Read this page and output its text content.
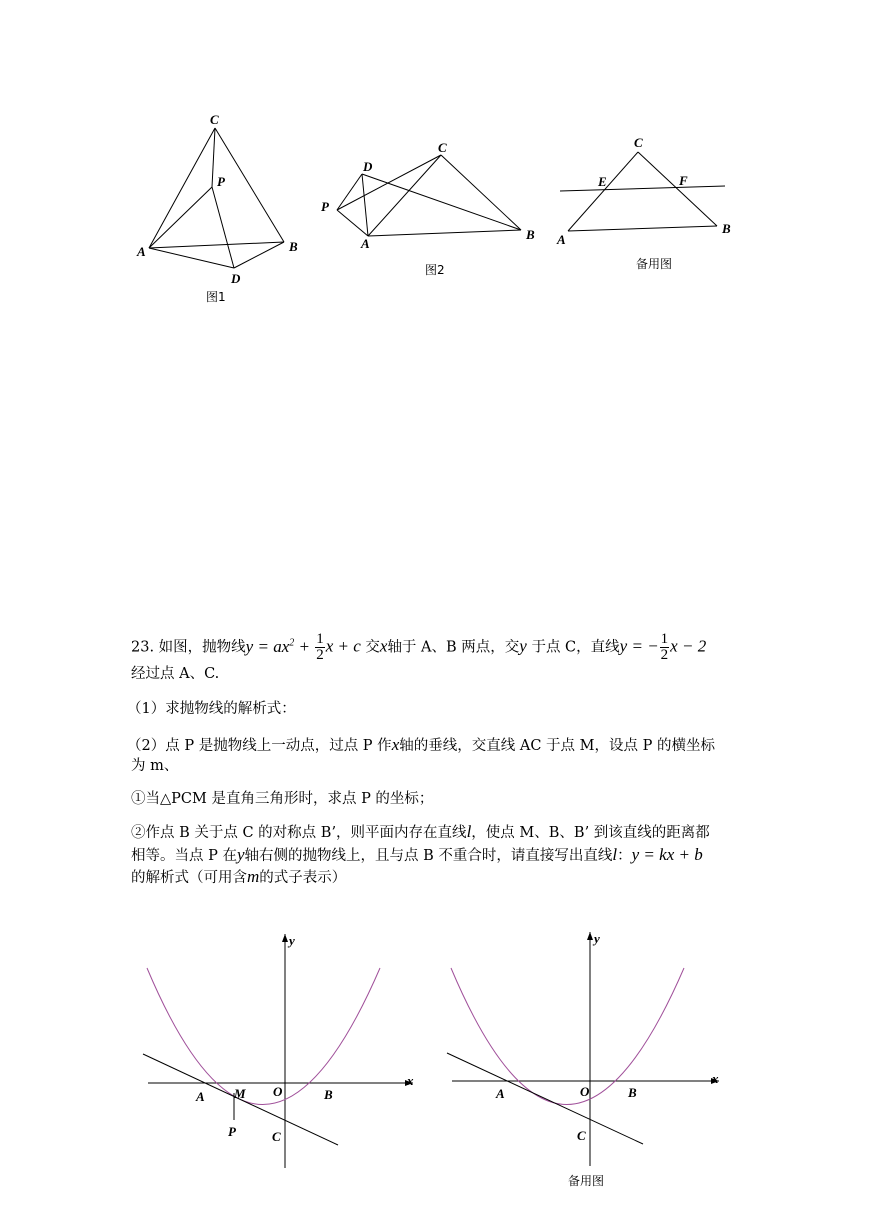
C
P
A	B
D
图1
D
C
P
A
B
图2
C
E	F
A
B
备用图
23. 如图，抛物线$y = ax^2 + \frac{1}{2}$ x + c 交x轴于 A、B 两点，交y 于点 C，直线y = − $\frac{1}{2}$ x − 2
经过点 A、C.
（1）求抛物线的解析式：
（2）点 P 是抛物线上一动点，过点 P 作x轴的垂线，交直线 AC 于点 M，设点 P 的横坐标
为 m、
①当△PCM 是直角三角形时，求点 P 的坐标；
②作点 B 关于点 C 的对称点 B’，则平面内存在直线l，使点 M、B、B’ 到该直线的距离都
相等。当点 P 在y轴右侧的抛物线上，且与点 B 不重合时，请直接写出直线l：y = kx + b
的解析式（可用含m的式子表示）
y
x
O
A M	B
P	C
y
x
O
A	B
C
备用图
